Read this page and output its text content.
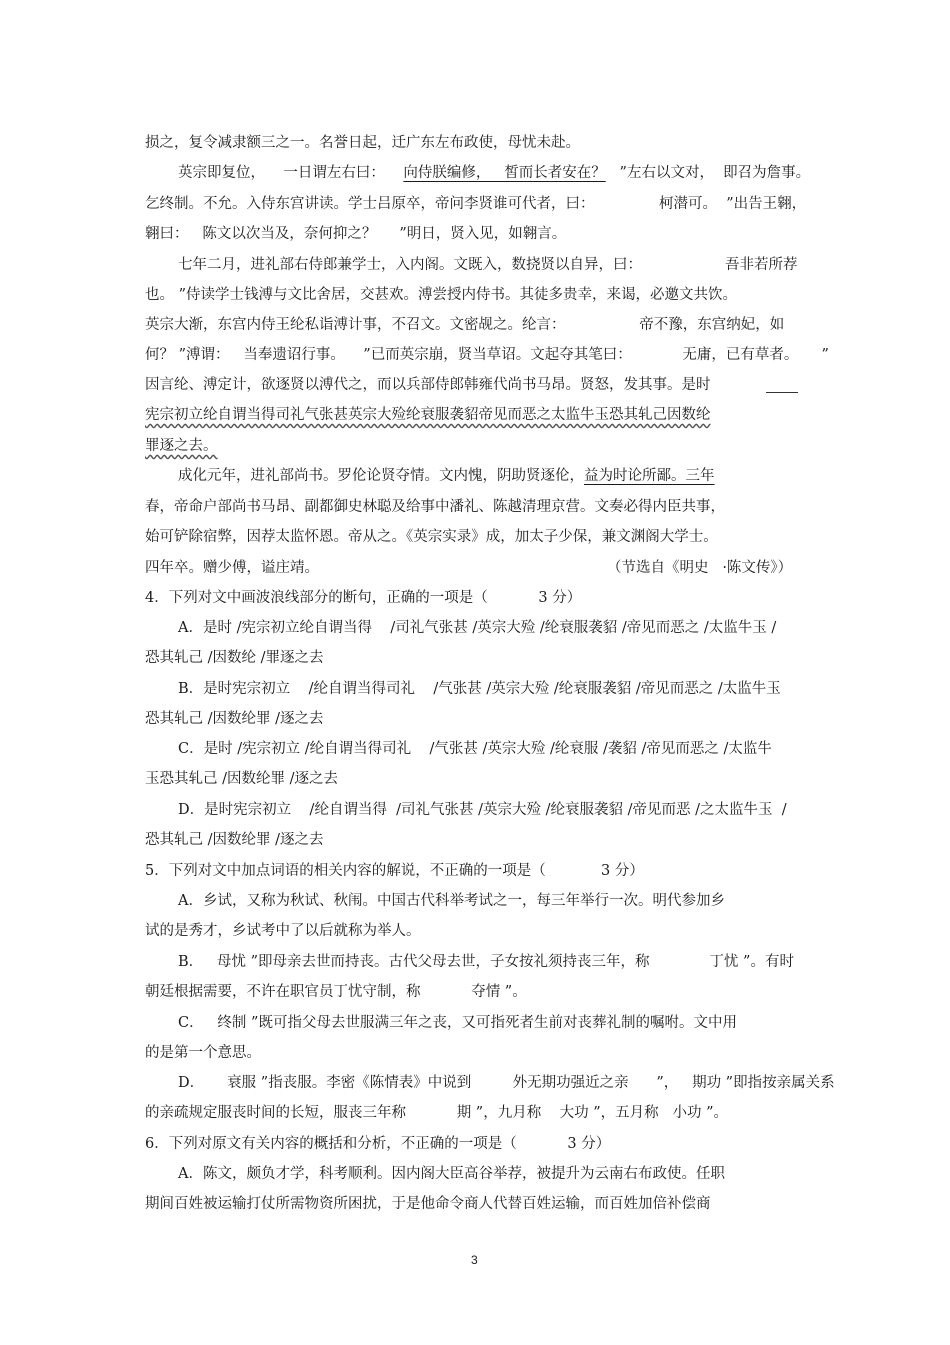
损之，复令减隶额三之一。名誉日起，迁广东左布政使，母忧未赴。
英宗即复位，    一日谓左右曰：    向侍朕编修，   皙而长者安在？   ”左右以文对，  即召为詹事。
乞终制。不允。入侍东宫讲读。学士吕原卒，帝问李贤谁可代者，曰：              柯潜可。  ”出告王翱，
翱曰：   陈文以次当及，奈何抑之？     ”明日，贤入见，如翱言。
七年二月，进礼部右侍郎兼学士，入内阁。文既入，数挠贤以自异，曰：                  吾非若所荐
也。 ”侍读学士钱溥与文比舍居，交甚欢。溥尝授内侍书。其徒多贵幸，来谒，必邀文共饮。
英宗大渐，东宫内侍王纶私诣溥计事，不召文。文密觇之。纶言：                帝不豫，东宫纳妃，如
何？ ”溥谓：   当奉遗诏行事。    ”已而英宗崩，贤当草诏。文起夺其笔曰：           无庸，已有草者。     ”
因言纶、溥定计，欲逐贤以溥代之，而以兵部侍郎韩雍代尚书马昂。贤怒，发其事。是时
宪宗初立纶自谓当得司礼气张甚英宗大殓纶衰服袭貂帝见而恶之太监牛玉恐其轧己因数纶
罪逐之去。
成化元年，进礼部尚书。罗伦论贤夺情。文内愧，阴助贤逐伦，益为时论所鄙。三年
春，帝命户部尚书马昂、副都御史林聪及给事中潘礼、陈越清理京营。文奏必得内臣共事，
始可铲除宿弊，因荐太监怀恩。帝从之。《英宗实录》成，加太子少保，兼文渊阁大学士。
四年卒。赠少傅，谥庄靖。	（节选自《明史   ·陈文传》）
4．下列对文中画波浪线部分的断句，正确的一项是（           3 分）
A．是时 /宪宗初立纶自谓当得    /司礼气张甚 /英宗大殓 /纶衰服袭貂 /帝见而恶之 /太监牛玉 /
恐其轧己 /因数纶 /罪逐之去
B．是时宪宗初立    /纶自谓当得司礼    /气张甚 /英宗大殓 /纶衰服袭貂 /帝见而恶之 /太监牛玉
恐其轧己 /因数纶罪 /逐之去
C．是时 /宪宗初立 /纶自谓当得司礼    /气张甚 /英宗大殓 /纶衰服 /袭貂 /帝见而恶之 /太监牛
玉恐其轧己 /因数纶罪 /逐之去
D．是时宪宗初立    /纶自谓当得  /司礼气张甚 /英宗大殓 /纶衰服袭貂 /帝见而恶 /之太监牛玉  /
恐其轧己 /因数纶罪 /逐之去
5．下列对文中加点词语的相关内容的解说，不正确的一项是（            3 分）
A．乡试，又称为秋试、秋闱。中国古代科举考试之一，每三年举行一次。明代参加乡
试的是秀才，乡试考中了以后就称为举人。
B．   母忧 ”即母亲去世而持丧。古代父母去世，子女按礼须持丧三年，称             丁忧 ”。有时
朝廷根据需要，不许在职官员丁忧守制，称           夺情 ”。
C．   终制 ”既可指父母去世服满三年之丧，又可指死者生前对丧葬礼制的嘱咐。文中用
的是第一个意思。
D．     衰服 ”指丧服。李密《陈情表》中说到         外无期功强近之亲      ”，   期功 ”即指按亲属关系
的亲疏规定服丧时间的长短，服丧三年称           期 ”，九月称    大功 ”，五月称   小功 ”。
6．下列对原文有关内容的概括和分析，不正确的一项是（           3 分）
A．陈文，颇负才学，科考顺利。因内阁大臣高谷举荐，被提升为云南右布政使。任职
期间百姓被运输打仗所需物资所困扰，于是他命令商人代替百姓运输，而百姓加倍补偿商
3
